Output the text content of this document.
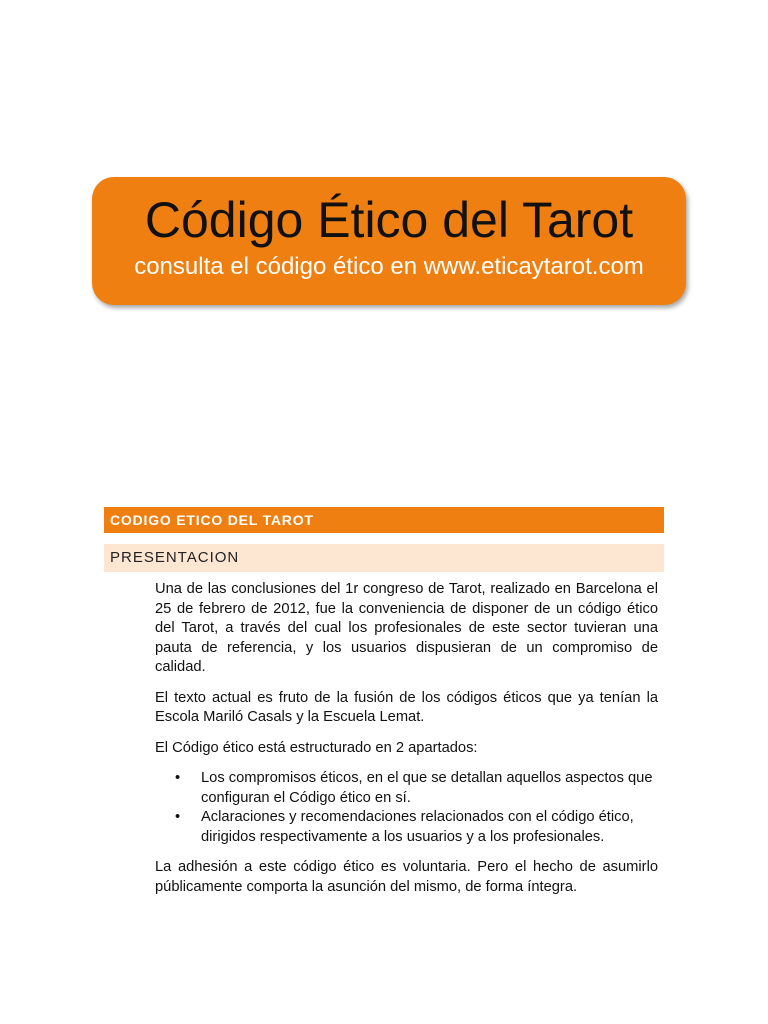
Código Ético del Tarot
consulta el código ético en www.eticaytarot.com
CODIGO ETICO DEL TAROT
PRESENTACION

Una de las conclusiones del 1r congreso de Tarot, realizado en Barcelona el 25 de febrero de 2012, fue la conveniencia de disponer de un código ético del Tarot, a través del cual los profesionales de este sector tuvieran una pauta de referencia, y los usuarios dispusieran de un compromiso de calidad.

El texto actual es fruto de la fusión de los códigos éticos que ya tenían la Escola Mariló Casals y la Escuela Lemat.

El Código ético está estructurado en 2 apartados:

• Los compromisos éticos, en el que se detallan aquellos aspectos que configuran el Código ético en sí.
• Aclaraciones y recomendaciones relacionados con el código ético, dirigidos respectivamente a los usuarios y a los profesionales.

La adhesión a este código ético es voluntaria. Pero el hecho de asumirlo públicamente comporta la asunción del mismo, de forma íntegra.
